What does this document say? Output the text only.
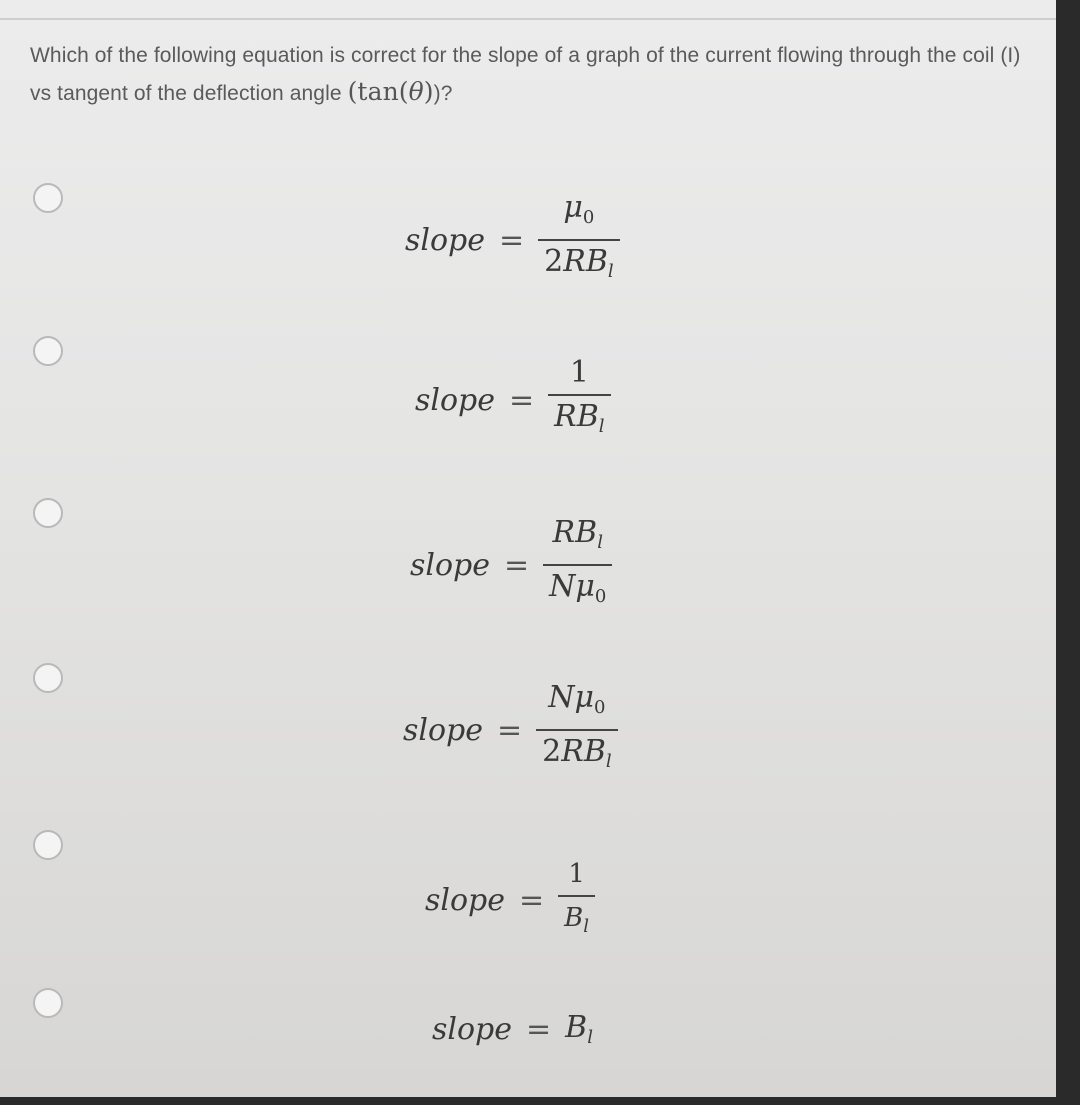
Which of the following equation is correct for the slope of a graph of the current flowing through the coil (I) vs tangent of the deflection angle (tan(θ))?
slope = $\frac{\mu_0}{2RB_l}$
slope = $\frac{1}{RB_l}$
slope = $\frac{RB_l}{N\mu_0}$
slope = $\frac{N\mu_0}{2RB_l}$
slope = $\frac{1}{B_l}$
slope = $B_l$
